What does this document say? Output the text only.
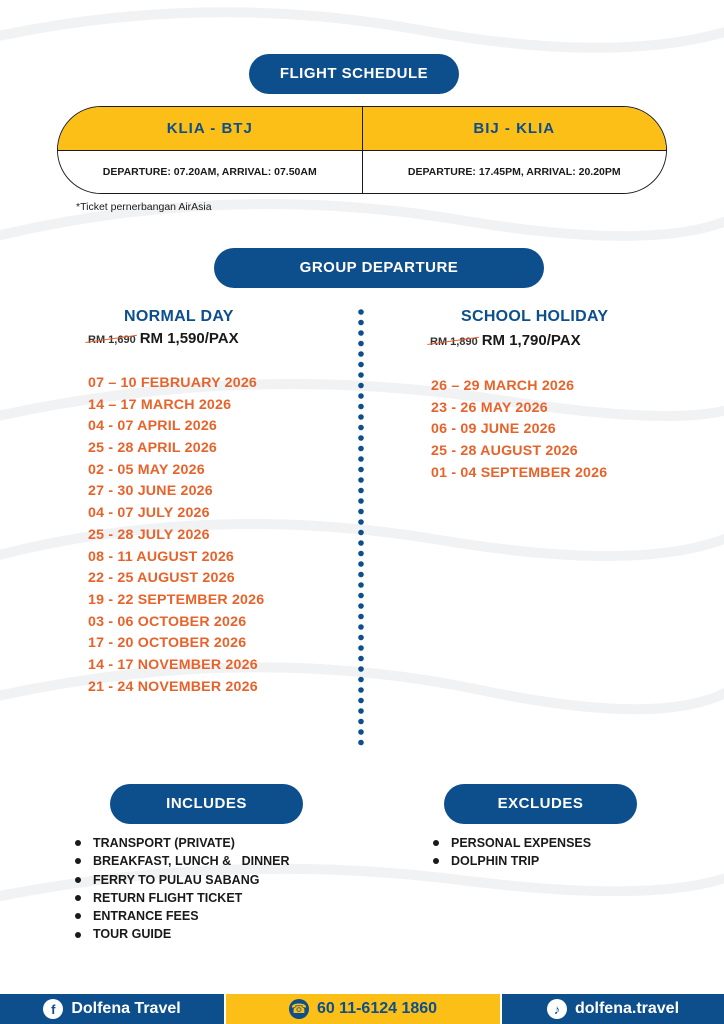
FLIGHT SCHEDULE
KLIA - BTJ	BIJ - KLIA
DEPARTURE: 07.20AM, ARRIVAL: 07.50AM	DEPARTURE: 17.45PM, ARRIVAL: 20.20PM
*Ticket pernerbangan AirAsia
GROUP DEPARTURE
NORMAL DAY
RM 1,690 RM 1,590/PAX
07 – 10 FEBRUARY 2026
14 – 17 MARCH 2026
04 - 07 APRIL 2026
25 - 28 APRIL 2026
02 - 05 MAY 2026
27 - 30 JUNE 2026
04 - 07 JULY 2026
25 - 28 JULY 2026
08 - 11 AUGUST 2026
22 - 25 AUGUST 2026
19 - 22 SEPTEMBER 2026
03 - 06 OCTOBER 2026
17 - 20 OCTOBER 2026
14 - 17 NOVEMBER 2026
21 - 24 NOVEMBER 2026
SCHOOL HOLIDAY
RM 1,890 RM 1,790/PAX
26 – 29 MARCH 2026
23 - 26 MAY 2026
06 - 09 JUNE 2026
25 - 28 AUGUST 2026
01 - 04 SEPTEMBER 2026
INCLUDES
TRANSPORT (PRIVATE)
BREAKFAST, LUNCH &   DINNER
FERRY TO PULAU SABANG
RETURN FLIGHT TICKET
ENTRANCE FEES
TOUR GUIDE
EXCLUDES
PERSONAL EXPENSES
DOLPHIN TRIP
f Dolfena Travel	☎ 60 11-6124 1860	♪ dolfena.travel
